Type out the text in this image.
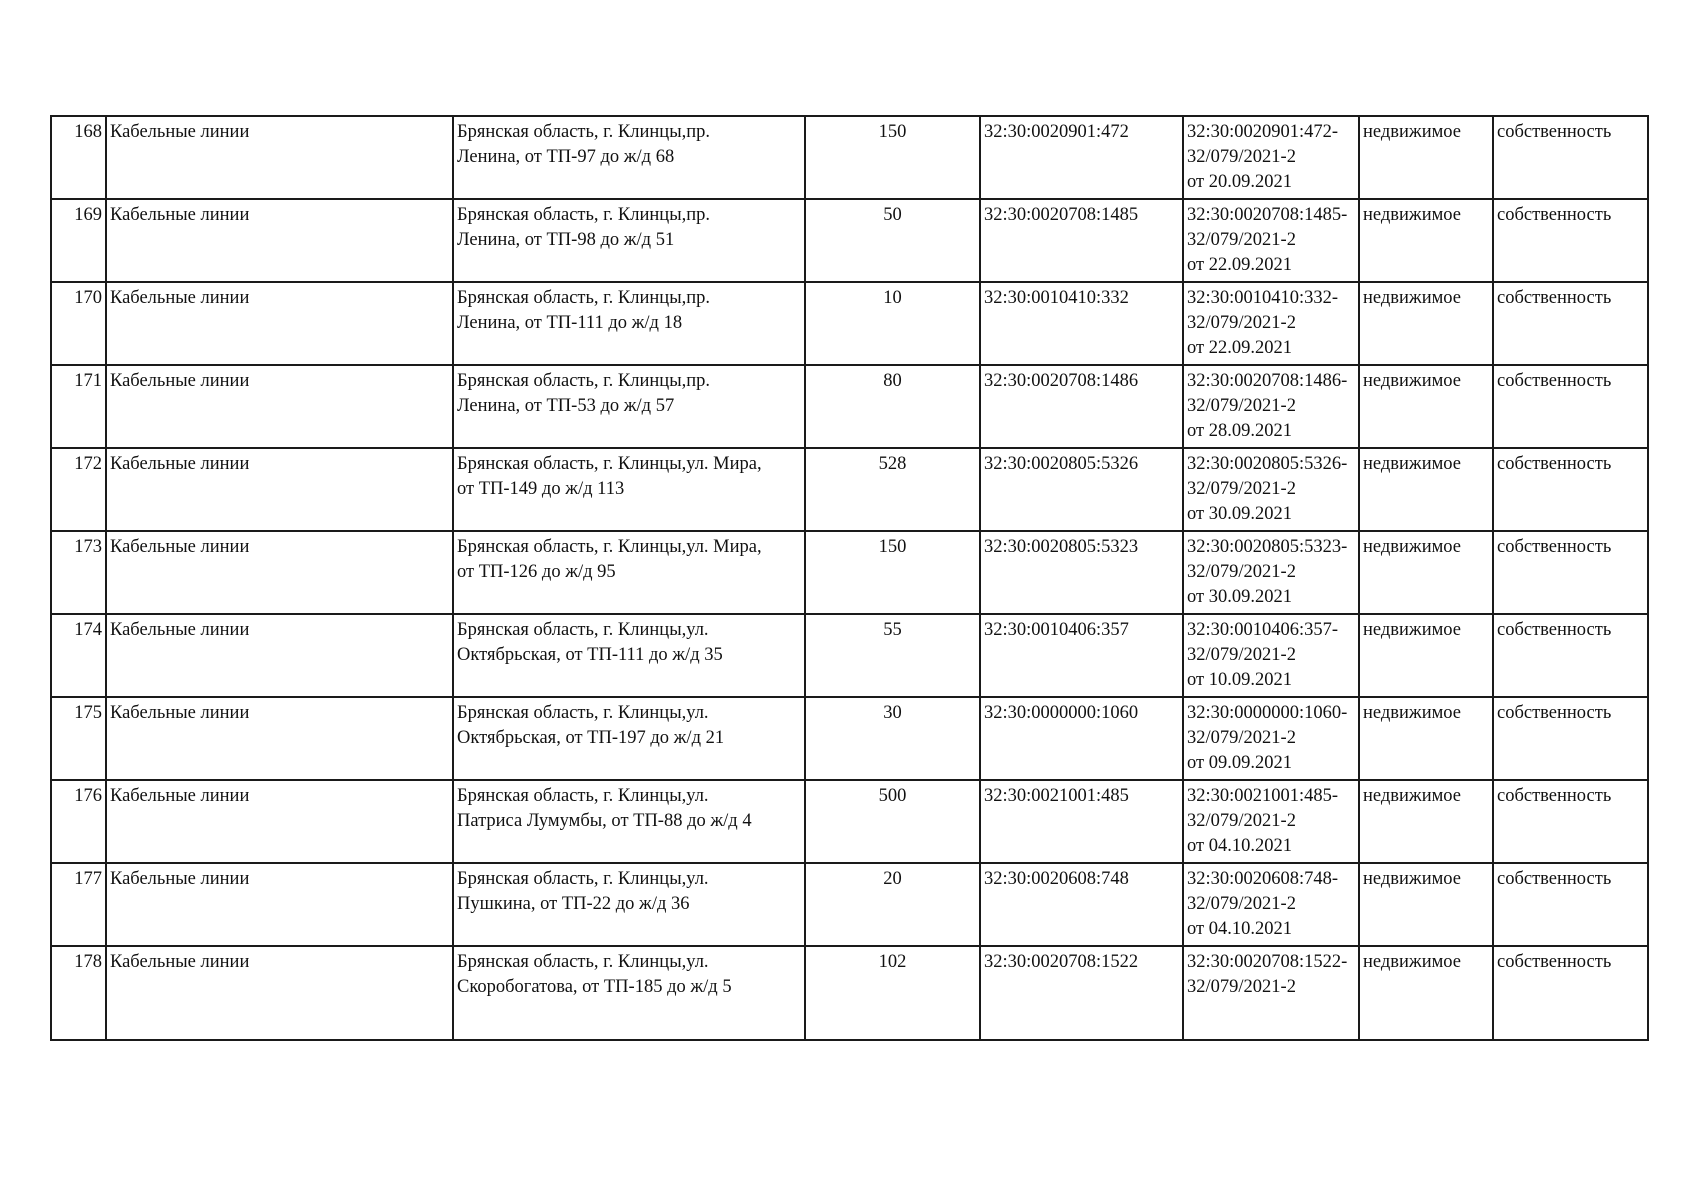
168	Кабельные линии	Брянская область, г. Клинцы,пр.
Ленина, от ТП-97 до ж/д 68	150	32:30:0020901:472	32:30:0020901:472-
32/079/2021-2
от 20.09.2021	недвижимое	собственность

169	Кабельные линии	Брянская область, г. Клинцы,пр.
Ленина, от ТП-98 до ж/д 51	50	32:30:0020708:1485	32:30:0020708:1485-
32/079/2021-2
от 22.09.2021	недвижимое	собственность

170	Кабельные линии	Брянская область, г. Клинцы,пр.
Ленина, от ТП-111 до ж/д 18	10	32:30:0010410:332	32:30:0010410:332-
32/079/2021-2
от 22.09.2021	недвижимое	собственность

171	Кабельные линии	Брянская область, г. Клинцы,пр.
Ленина, от ТП-53 до ж/д 57	80	32:30:0020708:1486	32:30:0020708:1486-
32/079/2021-2
от 28.09.2021	недвижимое	собственность

172	Кабельные линии	Брянская область, г. Клинцы,ул. Мира,
от ТП-149 до ж/д 113	528	32:30:0020805:5326	32:30:0020805:5326-
32/079/2021-2
от 30.09.2021	недвижимое	собственность

173	Кабельные линии	Брянская область, г. Клинцы,ул. Мира,
от ТП-126 до ж/д 95	150	32:30:0020805:5323	32:30:0020805:5323-
32/079/2021-2
от 30.09.2021	недвижимое	собственность

174	Кабельные линии	Брянская область, г. Клинцы,ул.
Октябрьская, от ТП-111 до ж/д 35	55	32:30:0010406:357	32:30:0010406:357-
32/079/2021-2
от 10.09.2021	недвижимое	собственность

175	Кабельные линии	Брянская область, г. Клинцы,ул.
Октябрьская, от ТП-197 до ж/д 21	30	32:30:0000000:1060	32:30:0000000:1060-
32/079/2021-2
от 09.09.2021	недвижимое	собственность

176	Кабельные линии	Брянская область, г. Клинцы,ул.
Патриса Лумумбы, от ТП-88 до ж/д 4	500	32:30:0021001:485	32:30:0021001:485-
32/079/2021-2
от 04.10.2021	недвижимое	собственность

177	Кабельные линии	Брянская область, г. Клинцы,ул.
Пушкина, от ТП-22 до ж/д 36	20	32:30:0020608:748	32:30:0020608:748-
32/079/2021-2
от 04.10.2021	недвижимое	собственность

178	Кабельные линии	Брянская область, г. Клинцы,ул.
Скоробогатова, от ТП-185 до ж/д 5	102	32:30:0020708:1522	32:30:0020708:1522-
32/079/2021-2	недвижимое	собственность
